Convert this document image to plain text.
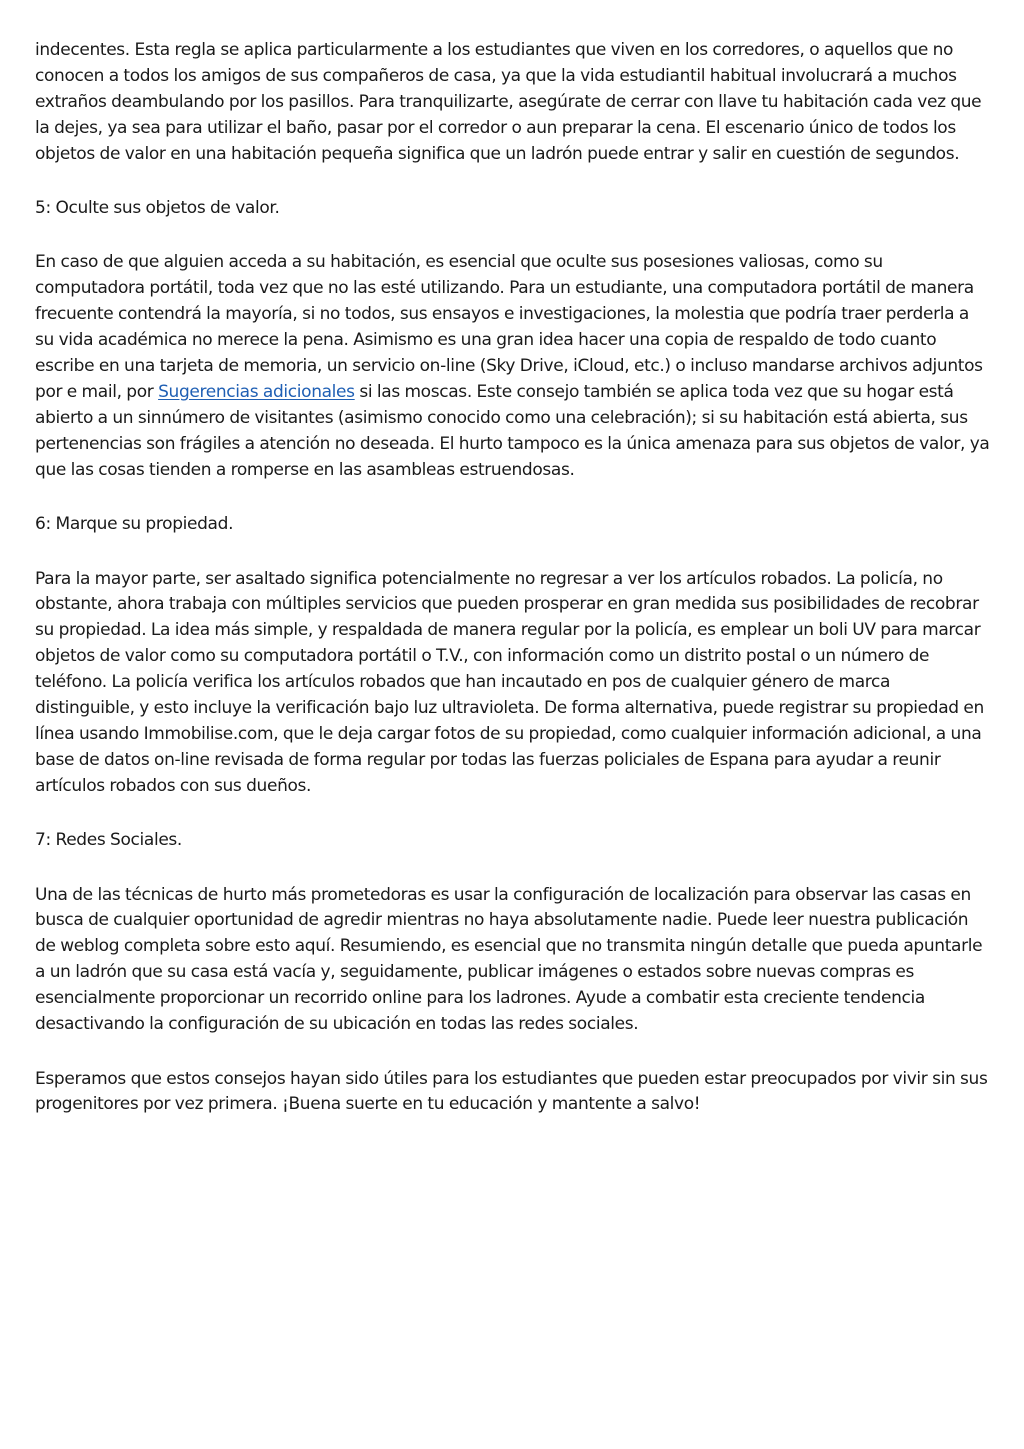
indecentes. Esta regla se aplica particularmente a los estudiantes que viven en los corredores, o aquellos que no conocen a todos los amigos de sus compañeros de casa, ya que la vida estudiantil habitual involucrará a muchos extraños deambulando por los pasillos. Para tranquilizarte, asegúrate de cerrar con llave tu habitación cada vez que la dejes, ya sea para utilizar el baño, pasar por el corredor o aun preparar la cena. El escenario único de todos los objetos de valor en una habitación pequeña significa que un ladrón puede entrar y salir en cuestión de segundos.

5: Oculte sus objetos de valor.

En caso de que alguien acceda a su habitación, es esencial que oculte sus posesiones valiosas, como su computadora portátil, toda vez que no las esté utilizando. Para un estudiante, una computadora portátil de manera frecuente contendrá la mayoría, si no todos, sus ensayos e investigaciones, la molestia que podría traer perderla a su vida académica no merece la pena. Asimismo es una gran idea hacer una copia de respaldo de todo cuanto escribe en una tarjeta de memoria, un servicio on-line (Sky Drive, iCloud, etc.) o incluso mandarse archivos adjuntos por e mail, por Sugerencias adicionales si las moscas. Este consejo también se aplica toda vez que su hogar está abierto a un sinnúmero de visitantes (asimismo conocido como una celebración); si su habitación está abierta, sus pertenencias son frágiles a atención no deseada. El hurto tampoco es la única amenaza para sus objetos de valor, ya que las cosas tienden a romperse en las asambleas estruendosas.

6: Marque su propiedad.

Para la mayor parte, ser asaltado significa potencialmente no regresar a ver los artículos robados. La policía, no obstante, ahora trabaja con múltiples servicios que pueden prosperar en gran medida sus posibilidades de recobrar su propiedad. La idea más simple, y respaldada de manera regular por la policía, es emplear un boli UV para marcar objetos de valor como su computadora portátil o T.V., con información como un distrito postal o un número de teléfono. La policía verifica los artículos robados que han incautado en pos de cualquier género de marca distinguible, y esto incluye la verificación bajo luz ultravioleta. De forma alternativa, puede registrar su propiedad en línea usando Immobilise.com, que le deja cargar fotos de su propiedad, como cualquier información adicional, a una base de datos on-line revisada de forma regular por todas las fuerzas policiales de Espana para ayudar a reunir artículos robados con sus dueños.

7: Redes Sociales.

Una de las técnicas de hurto más prometedoras es usar la configuración de localización para observar las casas en busca de cualquier oportunidad de agredir mientras no haya absolutamente nadie. Puede leer nuestra publicación de weblog completa sobre esto aquí. Resumiendo, es esencial que no transmita ningún detalle que pueda apuntarle a un ladrón que su casa está vacía y, seguidamente, publicar imágenes o estados sobre nuevas compras es esencialmente proporcionar un recorrido online para los ladrones. Ayude a combatir esta creciente tendencia desactivando la configuración de su ubicación en todas las redes sociales.

Esperamos que estos consejos hayan sido útiles para los estudiantes que pueden estar preocupados por vivir sin sus progenitores por vez primera. ¡Buena suerte en tu educación y mantente a salvo!
